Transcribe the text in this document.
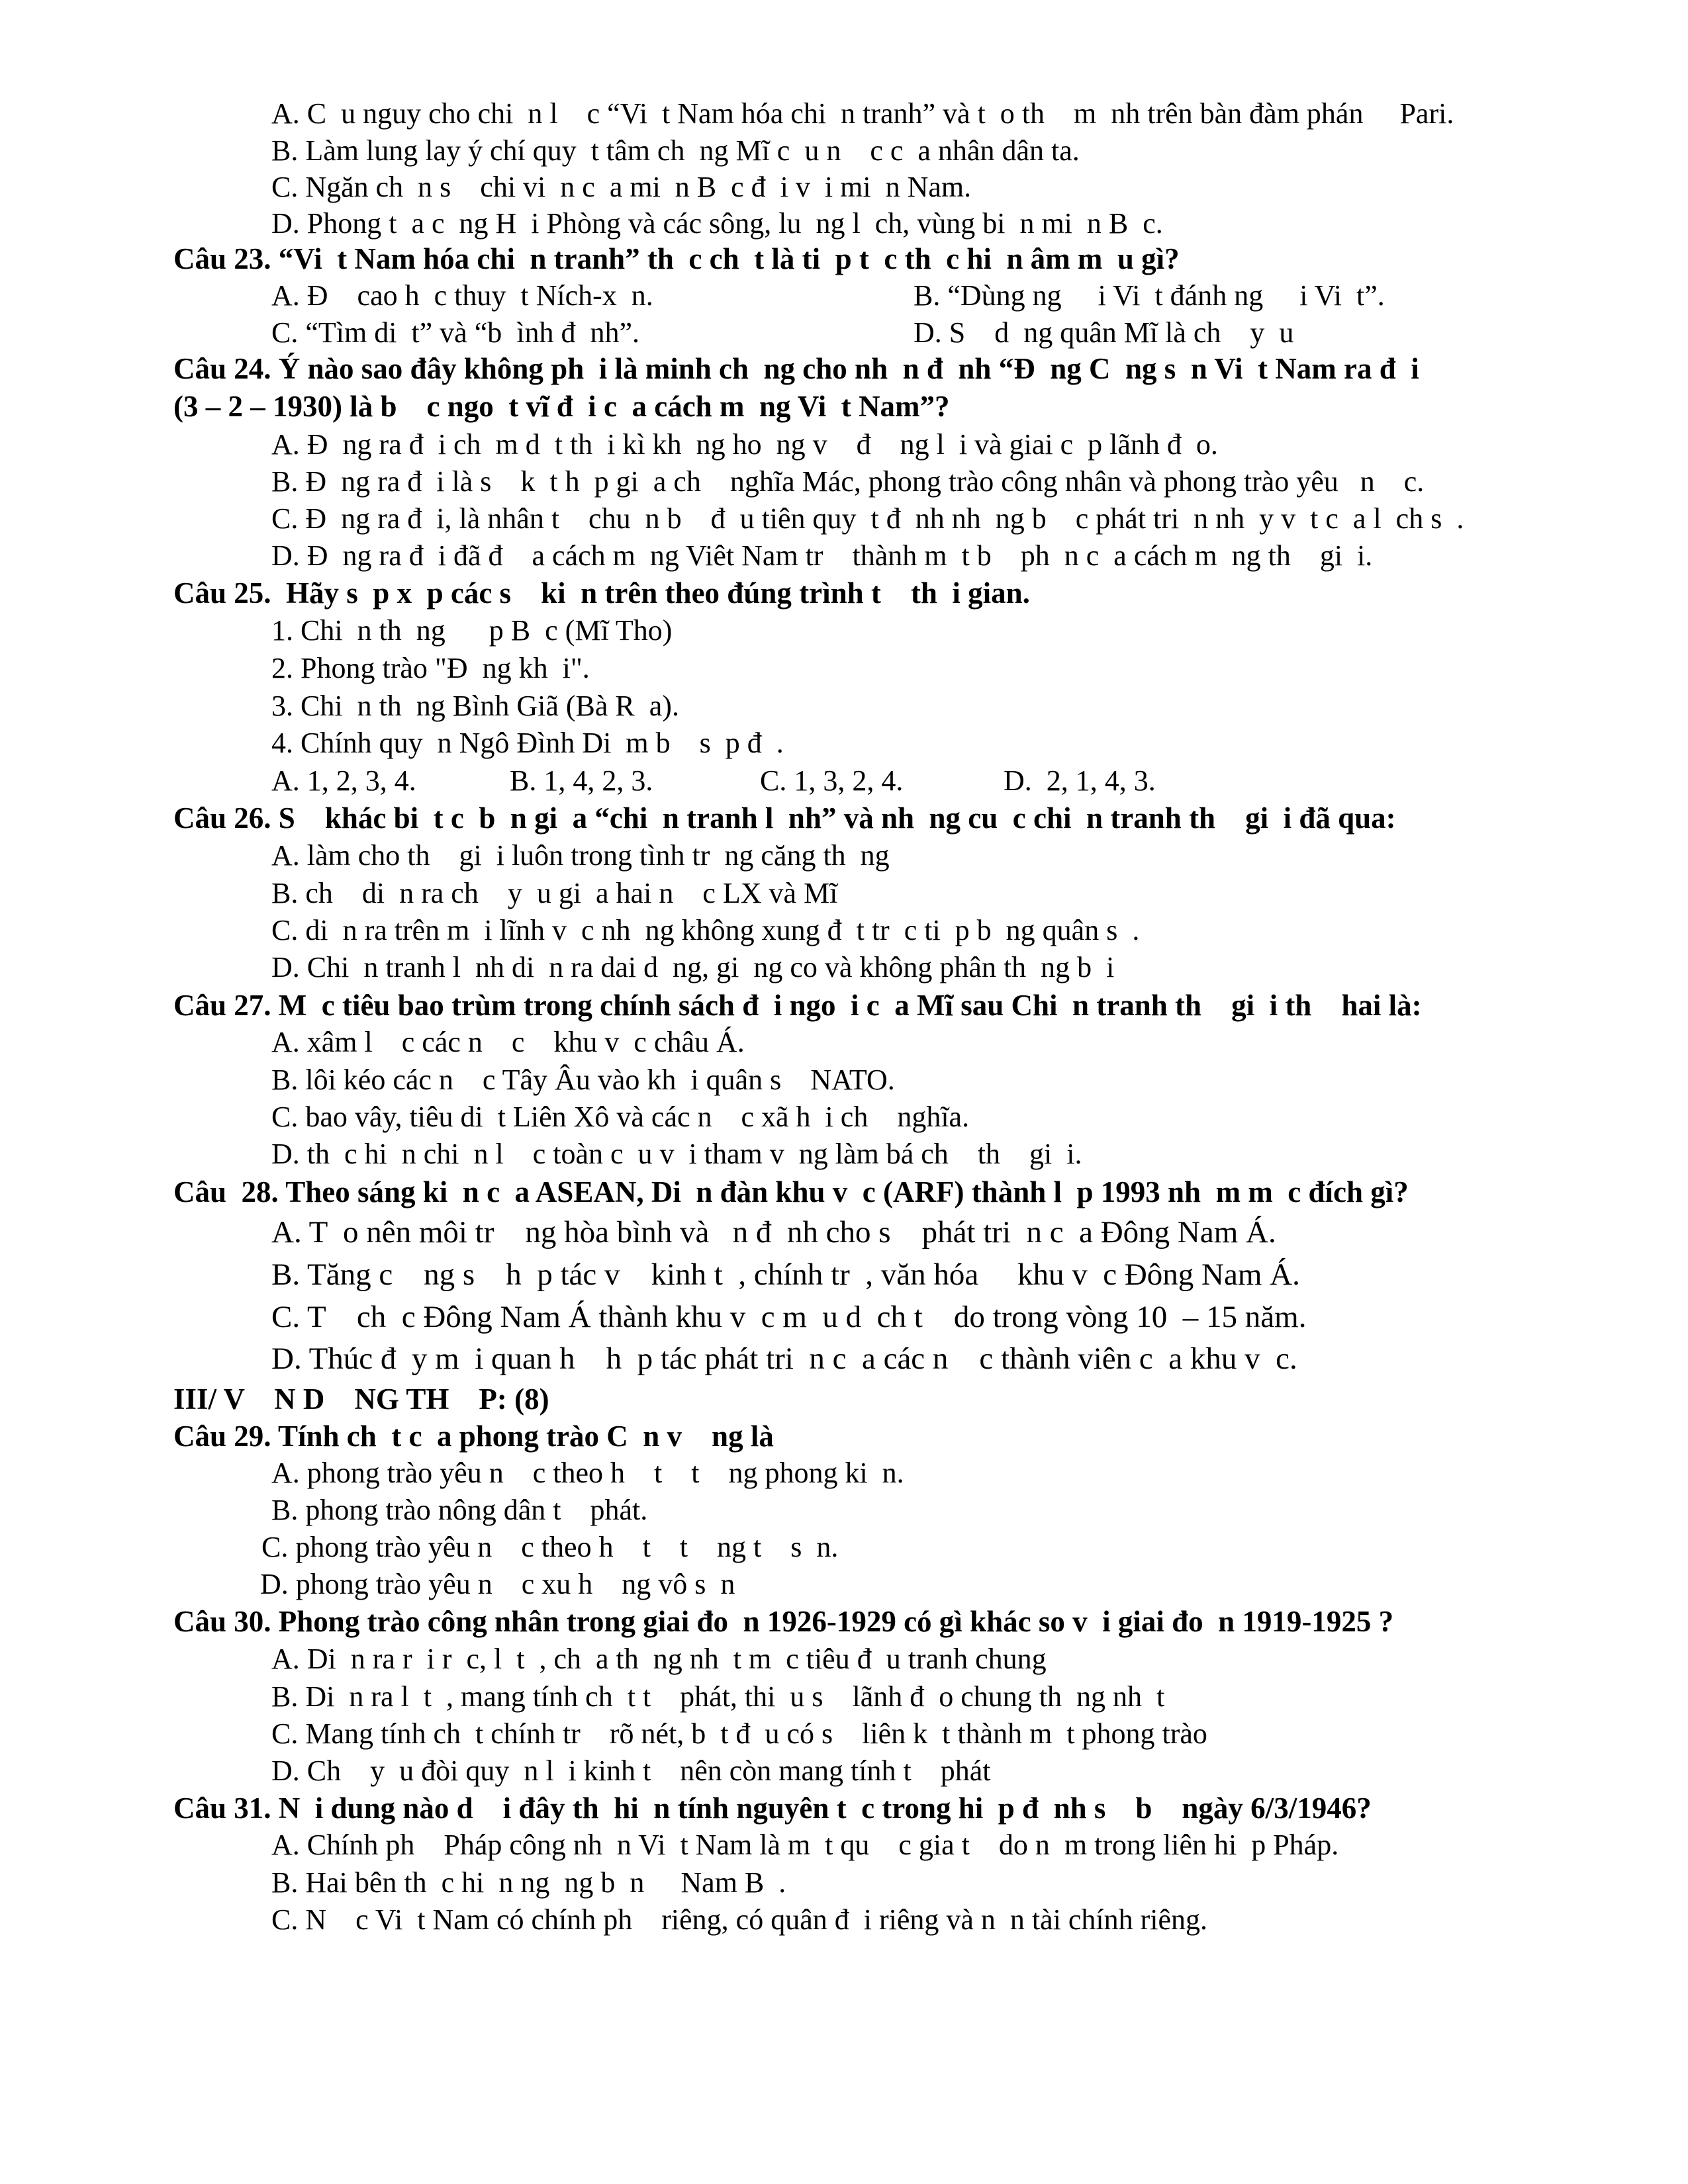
A. C  u nguy cho chi  n l    c “Vi  t Nam hóa chi  n tranh” và t  o th    m  nh trên bàn đàm phán     Pari.
B. Làm lung lay ý chí quy  t tâm ch  ng Mĩ c  u n    c c  a nhân dân ta.
C. Ngăn ch  n s    chi vi  n c  a mi  n B  c đ  i v  i mi  n Nam.
D. Phong t  a c  ng H  i Phòng và các sông, lu  ng l  ch, vùng bi  n mi  n B  c.
Câu 23. “Vi  t Nam hóa chi  n tranh” th  c ch  t là ti  p t  c th  c hi  n âm m  u gì?
A. Đ    cao h  c thuy  t Ních-x  n.	B. “Dùng ng     i Vi  t đánh ng     i Vi  t”.
C. “Tìm di  t” và “b  ình đ  nh”.	D. S    d  ng quân Mĩ là ch    y  u
Câu 24. Ý nào sao đây không ph  i là minh ch  ng cho nh  n đ  nh “Đ  ng C  ng s  n Vi  t Nam ra đ  i
(3 – 2 – 1930) là b    c ngo  t vĩ đ  i c  a cách m  ng Vi  t Nam”?
A. Đ  ng ra đ  i ch  m d  t th  i kì kh  ng ho  ng v    đ    ng l  i và giai c  p lãnh đ  o.
B. Đ  ng ra đ  i là s    k  t h  p gi  a ch    nghĩa Mác, phong trào công nhân và phong trào yêu   n    c.
C. Đ  ng ra đ  i, là nhân t    chu  n b    đ  u tiên quy  t đ  nh nh  ng b    c phát tri  n nh  y v  t c  a l  ch s  .
D. Đ  ng ra đ  i đã đ    a cách m  ng Viêt Nam tr    thành m  t b    ph  n c  a cách m  ng th    gi  i.
Câu 25.  Hãy s  p x  p các s    ki  n trên theo đúng trình t    th  i gian.
1. Chi  n th  ng      p B  c (Mĩ Tho)
2. Phong trào "Đ  ng kh  i".
3. Chi  n th  ng Bình Giã (Bà R  a).
4. Chính quy  n Ngô Đình Di  m b    s  p đ  .
A. 1, 2, 3, 4.	B. 1, 4, 2, 3.	C. 1, 3, 2, 4.	D.  2, 1, 4, 3.
Câu 26. S    khác bi  t c  b  n gi  a “chi  n tranh l  nh” và nh  ng cu  c chi  n tranh th    gi  i đã qua:
A. làm cho th    gi  i luôn trong tình tr  ng căng th  ng
B. ch    di  n ra ch    y  u gi  a hai n    c LX và Mĩ
C. di  n ra trên m  i lĩnh v  c nh  ng không xung đ  t tr  c ti  p b  ng quân s  .
D. Chi  n tranh l  nh di  n ra dai d  ng, gi  ng co và không phân th  ng b  i
Câu 27. M  c tiêu bao trùm trong chính sách đ  i ngo  i c  a Mĩ sau Chi  n tranh th    gi  i th    hai là:
A. xâm l    c các n    c    khu v  c châu Á.
B. lôi kéo các n    c Tây Âu vào kh  i quân s    NATO.
C. bao vây, tiêu di  t Liên Xô và các n    c xã h  i ch    nghĩa.
D. th  c hi  n chi  n l    c toàn c  u v  i tham v  ng làm bá ch    th    gi  i.
Câu  28. Theo sáng ki  n c  a ASEAN, Di  n đàn khu v  c (ARF) thành l  p 1993 nh  m m  c đích gì?
A. T  o nên môi tr    ng hòa bình và   n đ  nh cho s    phát tri  n c  a Đông Nam Á.
B. Tăng c    ng s    h  p tác v    kinh t  , chính tr  , văn hóa     khu v  c Đông Nam Á.
C. T    ch  c Đông Nam Á thành khu v  c m  u d  ch t    do trong vòng 10  – 15 năm.
D. Thúc đ  y m  i quan h    h  p tác phát tri  n c  a các n    c thành viên c  a khu v  c.
III/ V    N D    NG TH    P: (8)
Câu 29. Tính ch  t c  a phong trào C  n v    ng là
A. phong trào yêu n    c theo h    t    t    ng phong ki  n.
B. phong trào nông dân t    phát.
C. phong trào yêu n    c theo h    t    t    ng t    s  n.
D. phong trào yêu n    c xu h    ng vô s  n
Câu 30. Phong trào công nhân trong giai đo  n 1926-1929 có gì khác so v  i giai đo  n 1919-1925 ?
A. Di  n ra r  i r  c, l  t  , ch  a th  ng nh  t m  c tiêu đ  u tranh chung
B. Di  n ra l  t  , mang tính ch  t t    phát, thi  u s    lãnh đ  o chung th  ng nh  t
C. Mang tính ch  t chính tr    rõ nét, b  t đ  u có s    liên k  t thành m  t phong trào
D. Ch    y  u đòi quy  n l  i kinh t    nên còn mang tính t    phát
Câu 31. N  i dung nào d    i đây th  hi  n tính nguyên t  c trong hi  p đ  nh s    b    ngày 6/3/1946?
A. Chính ph    Pháp công nh  n Vi  t Nam là m  t qu    c gia t    do n  m trong liên hi  p Pháp.
B. Hai bên th  c hi  n ng  ng b  n     Nam B  .
C. N    c Vi  t Nam có chính ph    riêng, có quân đ  i riêng và n  n tài chính riêng.
